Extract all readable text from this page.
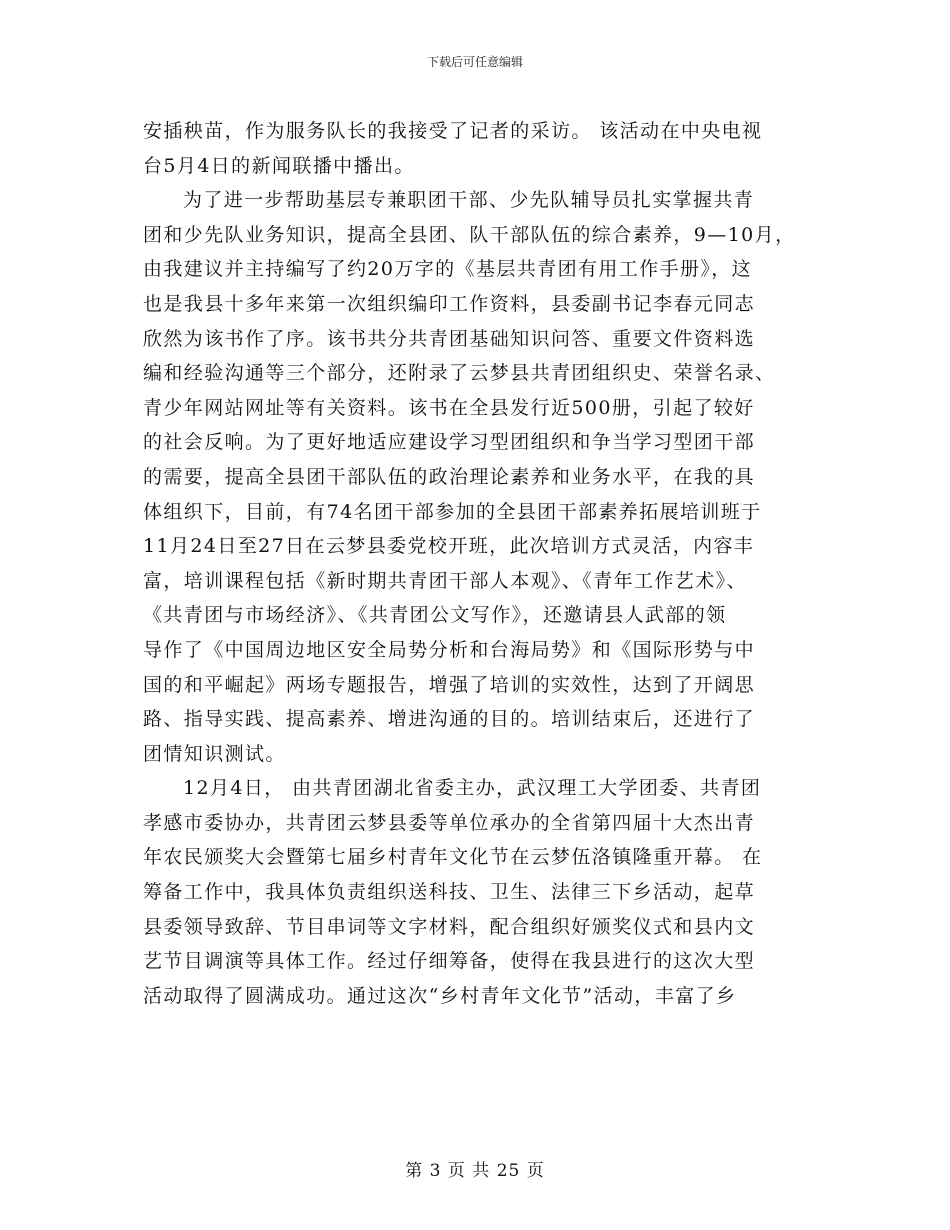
下载后可任意编辑
安插秧苗，作为服务队长的我接受了记者的采访。 该活动在中央电视
台5月4日的新闻联播中播出。
为了进一步帮助基层专兼职团干部、少先队辅导员扎实掌握共青
团和少先队业务知识，提高全县团、队干部队伍的综合素养，9—10月，
由我建议并主持编写了约20万字的《基层共青团有用工作手册》，这
也是我县十多年来第一次组织编印工作资料，县委副书记李春元同志
欣然为该书作了序。该书共分共青团基础知识问答、重要文件资料选
编和经验沟通等三个部分，还附录了云梦县共青团组织史、荣誉名录、
青少年网站网址等有关资料。该书在全县发行近500册，引起了较好
的社会反响。为了更好地适应建设学习型团组织和争当学习型团干部
的需要，提高全县团干部队伍的政治理论素养和业务水平，在我的具
体组织下，目前，有74名团干部参加的全县团干部素养拓展培训班于
11月24日至27日在云梦县委党校开班，此次培训方式灵活，内容丰
富，培训课程包括《新时期共青团干部人本观》、《青年工作艺术》、
《共青团与市场经济》、《共青团公文写作》，还邀请县人武部的领
导作了《中国周边地区安全局势分析和台海局势》和《国际形势与中
国的和平崛起》两场专题报告，增强了培训的实效性，达到了开阔思
路、指导实践、提高素养、增进沟通的目的。培训结束后，还进行了
团情知识测试。
12月4日， 由共青团湖北省委主办，武汉理工大学团委、共青团
孝感市委协办，共青团云梦县委等单位承办的全省第四届十大杰出青
年农民颁奖大会暨第七届乡村青年文化节在云梦伍洛镇隆重开幕。 在
筹备工作中，我具体负责组织送科技、卫生、法律三下乡活动，起草
县委领导致辞、节目串词等文字材料，配合组织好颁奖仪式和县内文
艺节目调演等具体工作。经过仔细筹备，使得在我县进行的这次大型
活动取得了圆满成功。通过这次“乡村青年文化节”活动，丰富了乡
第 3 页 共 25 页
